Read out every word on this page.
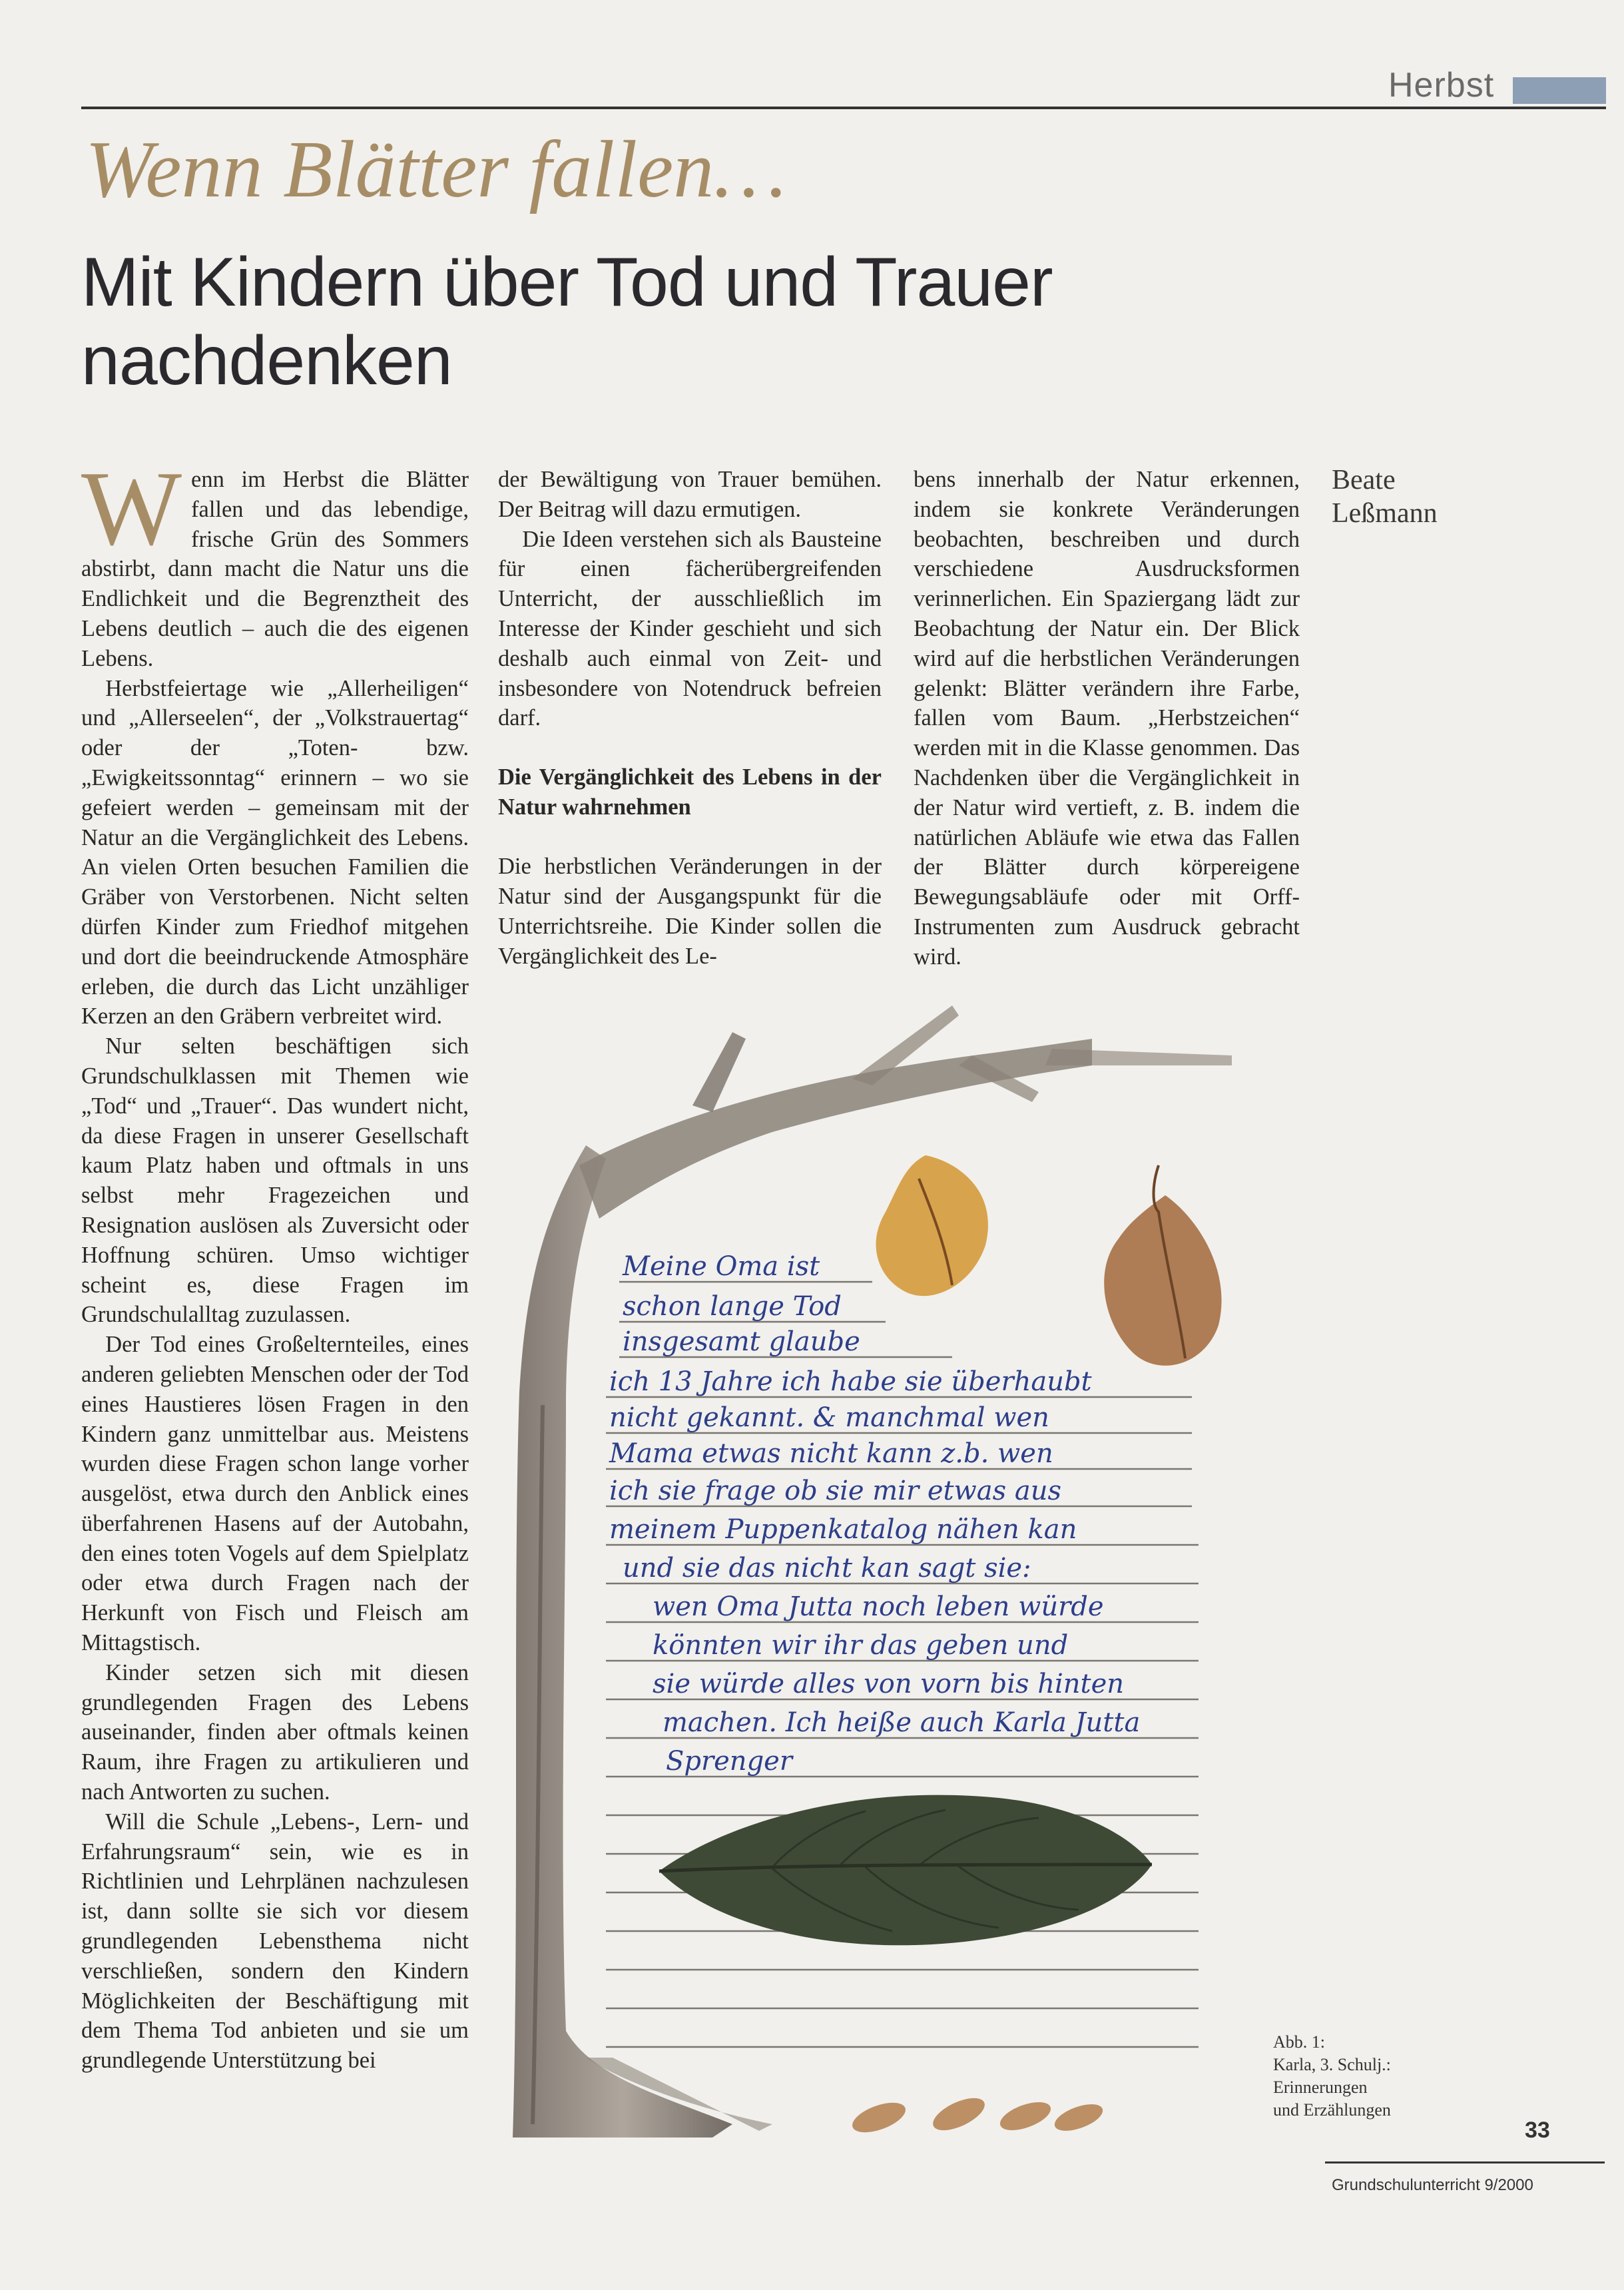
Herbst
Wenn Blätter fallen…
Mit Kindern über Tod und Trauer nachdenken
Beate
Leßmann

Wenn im Herbst die Blätter fallen und das lebendige, frische Grün des Sommers abstirbt, dann macht die Natur uns die Endlichkeit und die Begrenztheit des Lebens deutlich – auch die des eigenen Lebens.

Herbstfeiertage wie „Allerheiligen“ und „Allerseelen“, der „Volkstrauertag“ oder der „Toten- bzw. „Ewigkeitssonntag“ erinnern – wo sie gefeiert werden – gemeinsam mit der Natur an die Vergänglichkeit des Lebens. An vielen Orten besuchen Familien die Gräber von Verstorbenen. Nicht selten dürfen Kinder zum Friedhof mitgehen und dort die beeindruckende Atmosphäre erleben, die durch das Licht unzähliger Kerzen an den Gräbern verbreitet wird.

Nur selten beschäftigen sich Grundschulklassen mit Themen wie „Tod“ und „Trauer“. Das wundert nicht, da diese Fragen in unserer Gesellschaft kaum Platz haben und oftmals in uns selbst mehr Fragezeichen und Resignation auslösen als Zuversicht oder Hoffnung schüren. Umso wichtiger scheint es, diese Fragen im Grundschulalltag zuzulassen.

Der Tod eines Großelternteiles, eines anderen geliebten Menschen oder der Tod eines Haustieres lösen Fragen in den Kindern ganz unmittelbar aus. Meistens wurden diese Fragen schon lange vorher ausgelöst, etwa durch den Anblick eines überfahrenen Hasens auf der Autobahn, den eines toten Vogels auf dem Spielplatz oder etwa durch Fragen nach der Herkunft von Fisch und Fleisch am Mittagstisch.

Kinder setzen sich mit diesen grundlegenden Fragen des Lebens auseinander, finden aber oftmals keinen Raum, ihre Fragen zu artikulieren und nach Antworten zu suchen.

Will die Schule „Lebens-, Lern- und Erfahrungsraum“ sein, wie es in Richtlinien und Lehrplänen nachzulesen ist, dann sollte sie sich vor diesem grundlegenden Lebensthema nicht verschließen, sondern den Kindern Möglichkeiten der Beschäftigung mit dem Thema Tod anbieten und sie um grundlegende Unterstützung bei

der Bewältigung von Trauer bemühen. Der Beitrag will dazu ermutigen.

Die Ideen verstehen sich als Bausteine für einen fächerübergreifenden Unterricht, der ausschließlich im Interesse der Kinder geschieht und sich deshalb auch einmal von Zeit- und insbesondere von Notendruck befreien darf.

Die Vergänglichkeit des Lebens in der Natur wahrnehmen

Die herbstlichen Veränderungen in der Natur sind der Ausgangspunkt für die Unterrichtsreihe. Die Kinder sollen die Vergänglichkeit des Le-

bens innerhalb der Natur erkennen, indem sie konkrete Veränderungen beobachten, beschreiben und durch verschiedene Ausdrucksformen verinnerlichen. Ein Spaziergang lädt zur Beobachtung der Natur ein. Der Blick wird auf die herbstlichen Veränderungen gelenkt: Blätter verändern ihre Farbe, fallen vom Baum. „Herbstzeichen“ werden mit in die Klasse genommen. Das Nachdenken über die Vergänglichkeit in der Natur wird vertieft, z. B. indem die natürlichen Abläufe wie etwa das Fallen der Blätter durch körpereigene Bewegungsabläufe oder mit Orff-Instrumenten zum Ausdruck gebracht wird.

Meine Oma ist
schon lange Tod
insgesamt glaube
ich 13 Jahre ich habe sie überhaubt
nicht gekannt. & manchmal wen
Mama etwas nicht kann z.b. wen
ich sie frage ob sie mir etwas aus
meinem Puppenkatalog nähen kan
und sie das nicht kan sagt sie:
wen Oma Jutta noch leben würde
könnten wir ihr das geben und
sie würde alles von vorn bis hinten
machen. Ich heiße auch Karla Jutta
Sprenger
Abb. 1:
Karla, 3. Schulj.:
Erinnerungen
und Erzählungen
33
Grundschulunterricht 9/2000
